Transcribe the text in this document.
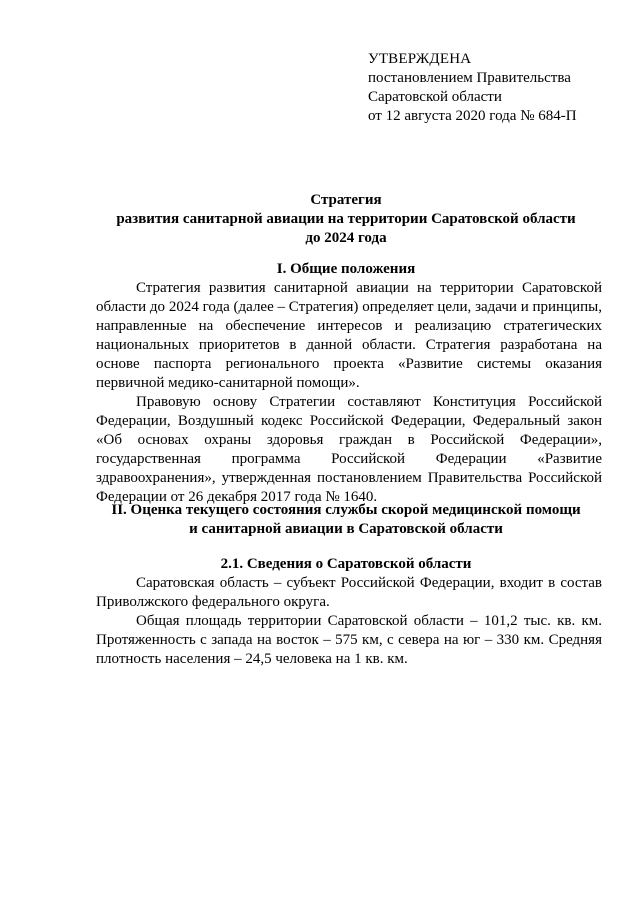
УТВЕРЖДЕНА
постановлением Правительства
Саратовской области
от 12 августа 2020 года № 684-П
Стратегия
развития санитарной авиации на территории Саратовской области
до 2024 года
I. Общие положения

Стратегия развития санитарной авиации на территории Саратовской области до 2024 года (далее – Стратегия) определяет цели, задачи и принципы, направленные на обеспечение интересов и реализацию стратегических национальных приоритетов в данной области. Стратегия разработана на основе паспорта регионального проекта «Развитие системы оказания первичной медико-санитарной помощи».

Правовую основу Стратегии составляют Конституция Российской Федерации, Воздушный кодекс Российской Федерации, Федеральный закон «Об основах охраны здоровья граждан в Российской Федерации», государственная программа Российской Федерации «Развитие здравоохранения», утвержденная постановлением Правительства Российской Федерации от 26 декабря 2017 года № 1640.

II. Оценка текущего состояния службы скорой медицинской помощи
и санитарной авиации в Саратовской области
2.1. Сведения о Саратовской области

Саратовская область – субъект Российской Федерации, входит в состав Приволжского федерального округа.

Общая площадь территории Саратовской области – 101,2 тыс. кв. км. Протяженность с запада на восток – 575 км, с севера на юг – 330 км. Средняя плотность населения – 24,5 человека на 1 кв. км.
